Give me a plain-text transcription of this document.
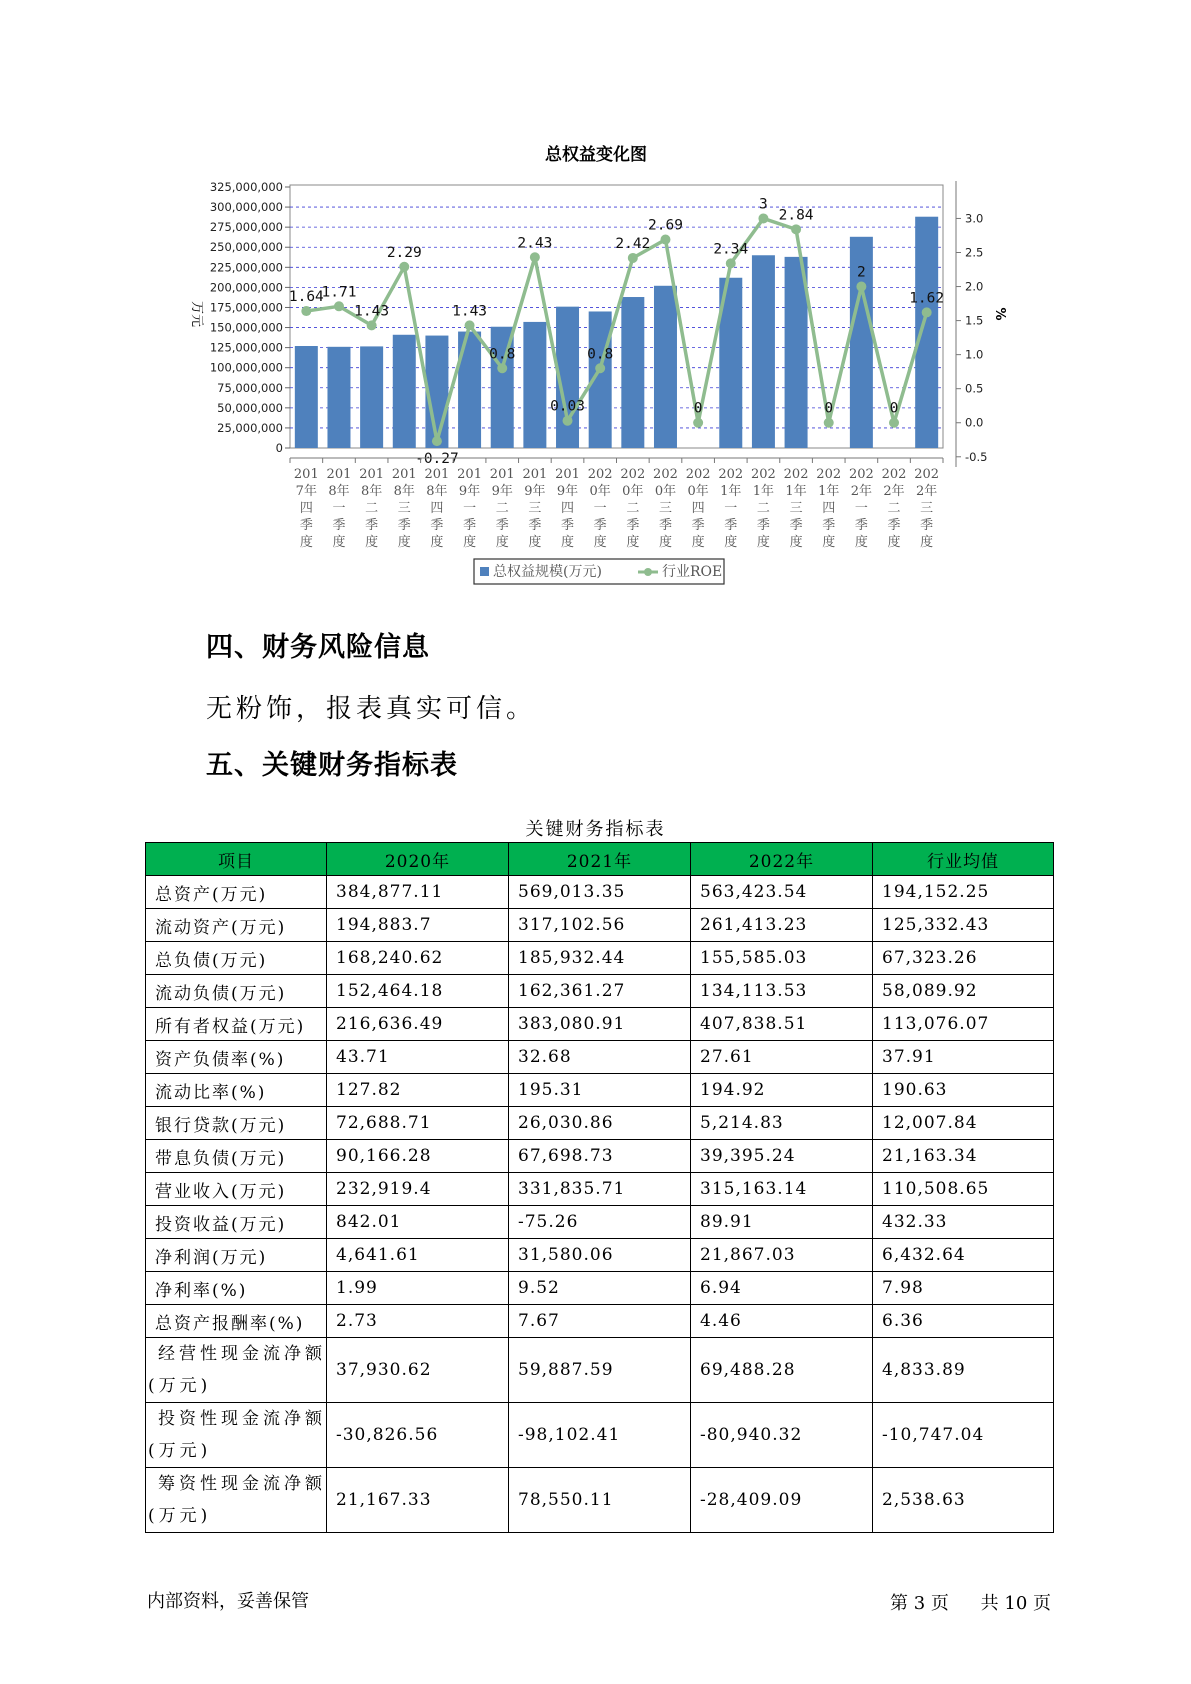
总权益变化图
1.64
1.71
1.43
2.29
-0.27
1.43
0.8
2.43
0.03
0.8
2.42
2.69
0
2.34
3
2.84
0
2
0
1.62
325,000,000
300,000,000
275,000,000
250,000,000
225,000,000
200,000,000
175,000,000
150,000,000
125,000,000
100,000,000
75,000,000
50,000,000
25,000,000
0
3.0
2.5
2.0
1.5
1.0
0.5
0.0
-0.5
201
7年
四
季
度
201
8年
一
季
度
201
8年
二
季
度
201
8年
三
季
度
201
8年
四
季
度
201
9年
一
季
度
201
9年
二
季
度
201
9年
三
季
度
201
9年
四
季
度
202
0年
一
季
度
202
0年
二
季
度
202
0年
三
季
度
202
0年
四
季
度
202
1年
一
季
度
202
1年
二
季
度
202
1年
三
季
度
202
1年
四
季
度
202
2年
一
季
度
202
2年
二
季
度
202
2年
三
季
度
万元	%
总权益规模(万元)	行业ROE
四、财务风险信息

无粉饰，报表真实可信。

五、关键财务指标表
关键财务指标表
项目	2020年	2021年	2022年	行业均值
总资产(万元)	384,877.11	569,013.35	563,423.54	194,152.25
流动资产(万元)	194,883.7	317,102.56	261,413.23	125,332.43
总负债(万元)	168,240.62	185,932.44	155,585.03	67,323.26
流动负债(万元)	152,464.18	162,361.27	134,113.53	58,089.92
所有者权益(万元)	216,636.49	383,080.91	407,838.51	113,076.07
资产负债率(%)	43.71	32.68	27.61	37.91
流动比率(%)	127.82	195.31	194.92	190.63
银行贷款(万元)	72,688.71	26,030.86	5,214.83	12,007.84
带息负债(万元)	90,166.28	67,698.73	39,395.24	21,163.34
营业收入(万元)	232,919.4	331,835.71	315,163.14	110,508.65
投资收益(万元)	842.01	-75.26	89.91	432.33
净利润(万元)	4,641.61	31,580.06	21,867.03	6,432.64
净利率(%)	1.99	9.52	6.94	7.98
总资产报酬率(%)	2.73	7.67	4.46	6.36

经营性现金流净额
(万元)	37,930.62	59,887.59	69,488.28	4,833.89

投资性现金流净额
(万元)	-30,826.56	-98,102.41	-80,940.32	-10,747.04

筹资性现金流净额
(万元)	21,167.33	78,550.11	-28,409.09	2,538.63
内部资料，妥善保管	第 3 页 共 10 页
